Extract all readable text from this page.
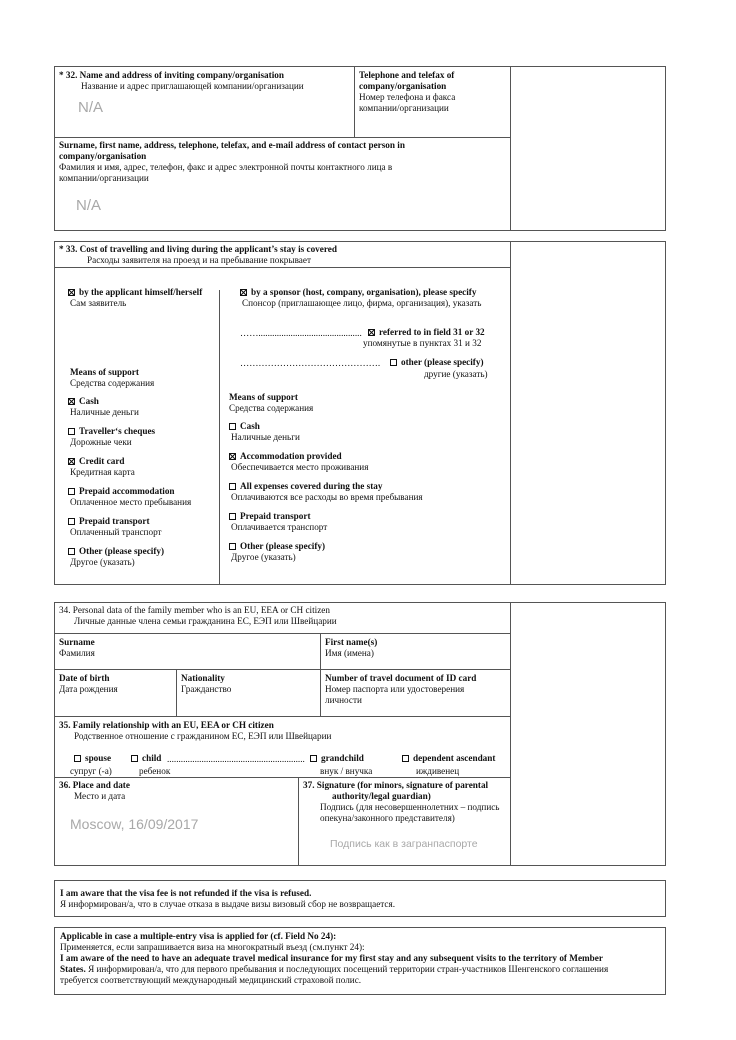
* 32. Name and address of inviting company/organisation
Название и адрес приглашающей компании/организации
N/A
Telephone and telefax of
company/organisation
Номер телефона и факса
компании/организации
Surname, first name, address, telephone, telefax, and e-mail address of contact person in
company/organisation
Фамилия и имя, адрес, телефон, факс и адрес электронной почты контактного лица в
компании/организации
N/A
* 33. Cost of travelling and living during the applicant’s stay is covered
Расходы заявителя на проезд и на пребывание покрывает
by the applicant himself/herself
Сам заявитель
Means of support
Средства содержания
Cash
Наличные деньги
Traveller‘s cheques
Дорожные чеки
Credit card
Кредитная карта
Prepaid accommodation
Оплаченное место пребывания
Prepaid transport
Оплаченный транспорт
Other (please specify)
Другое (указать)
by a sponsor (host, company, organisation), please specify
Спонсор (приглашающее лицо, фирма, организация), указать
…….............................................	referred to in field 31 or 32
упомянутые в пунктах 31 и 32
……………………………………….	other (please specify)
другие (указать)
Means of support
Средства содержания
Cash
Наличные деньги
Accommodation provided
Обеспечивается место проживания
All expenses covered during the stay
Оплачиваются все расходы во время пребывания
Prepaid transport
Оплачивается транспорт
Other (please specify)
Другое (указать)
34. Personal data of the family member who is an EU, EEA or CH citizen
Личные данные члена семьи гражданина ЕС, ЕЭП или Швейцарии
Surname
Фамилия
First name(s)
Имя (имена)
Date of birth
Дата рождения
Nationality
Гражданство
Number of travel document of ID card
Номер паспорта или удостоверения
личности
35. Family relationship with an EU, EEA or CH citizen
Родственное отношение с гражданином ЕС, ЕЭП или Швейцарии
spouse
супруг (-а)
child ............................................................
ребенок
grandchild
внук / внучка
dependent ascendant
иждивенец
36. Place and date
Место и дата
Moscow, 16/09/2017
37. Signature (for minors, signature of parental
authority/legal guardian)
Подпись (для несовершеннолетних – подпись
опекуна/законного представителя)
Подпись как в загранпаспорте
I am aware that the visa fee is not refunded if the visa is refused.
Я информирован/а, что в случае отказа в выдаче визы визовый сбор не возвращается.
Applicable in case a multiple-entry visa is applied for (cf. Field No 24):
Применяется, если запрашивается виза на многократный въезд (см.пункт 24):
I am aware of the need to have an adequate travel medical insurance for my first stay and any subsequent visits to the territory of Member
States. Я информирован/а, что для первого пребывания и последующих посещений территории стран-участников Шенгенского соглашения
требуется соответствующий международный медицинский страховой полис.
